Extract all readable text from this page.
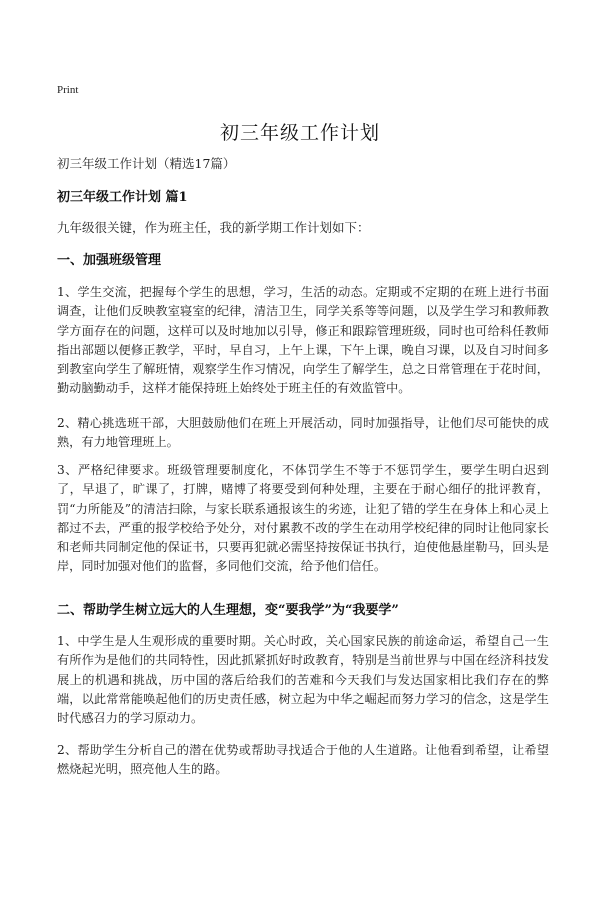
Print
初三年级工作计划
初三年级工作计划（精选17篇）
初三年级工作计划 篇1
九年级很关键，作为班主任，我的新学期工作计划如下：
一、加强班级管理
1、学生交流，把握每个学生的思想，学习，生活的动态。定期或不定期的在班上进行书面调查，让他们反映教室寝室的纪律，清洁卫生，同学关系等等问题，以及学生学习和教师教学方面存在的问题，这样可以及时地加以引导，修正和跟踪管理班级，同时也可给科任教师指出部题以便修正教学，平时，早自习，上午上课，下午上课，晚自习课，以及自习时间多到教室向学生了解班情，观察学生作习情况，向学生了解学生，总之日常管理在于花时间，勤动脑勤动手，这样才能保持班上始终处于班主任的有效监管中。
2、精心挑选班干部，大胆鼓励他们在班上开展活动，同时加强指导，让他们尽可能快的成熟，有力地管理班上。
3、严格纪律要求。班级管理要制度化，不体罚学生不等于不惩罚学生，要学生明白迟到了，早退了，旷课了，打牌，赌博了将要受到何种处理，主要在于耐心细仔的批评教育，罚“力所能及”的清洁扫除，与家长联系通报该生的劣迹，让犯了错的学生在身体上和心灵上都过不去，严重的报学校给予处分，对付累教不改的学生在动用学校纪律的同时让他同家长和老师共同制定他的保证书，只要再犯就必需坚持按保证书执行，迫使他悬崖勒马，回头是岸，同时加强对他们的监督，多同他们交流，给予他们信任。
二、帮助学生树立远大的人生理想，变“要我学”为“我要学”
1、中学生是人生观形成的重要时期。关心时政，关心国家民族的前途命运，希望自己一生有所作为是他们的共同特性，因此抓紧抓好时政教育，特别是当前世界与中国在经济科技发展上的机遇和挑战，历中国的落后给我们的苦难和今天我们与发达国家相比我们存在的弊端，以此常常能唤起他们的历史责任感，树立起为中华之崛起而努力学习的信念，这是学生时代感召力的学习原动力。
2、帮助学生分析自己的潜在优势或帮助寻找适合于他的人生道路。让他看到希望，让希望燃烧起光明，照亮他人生的路。
